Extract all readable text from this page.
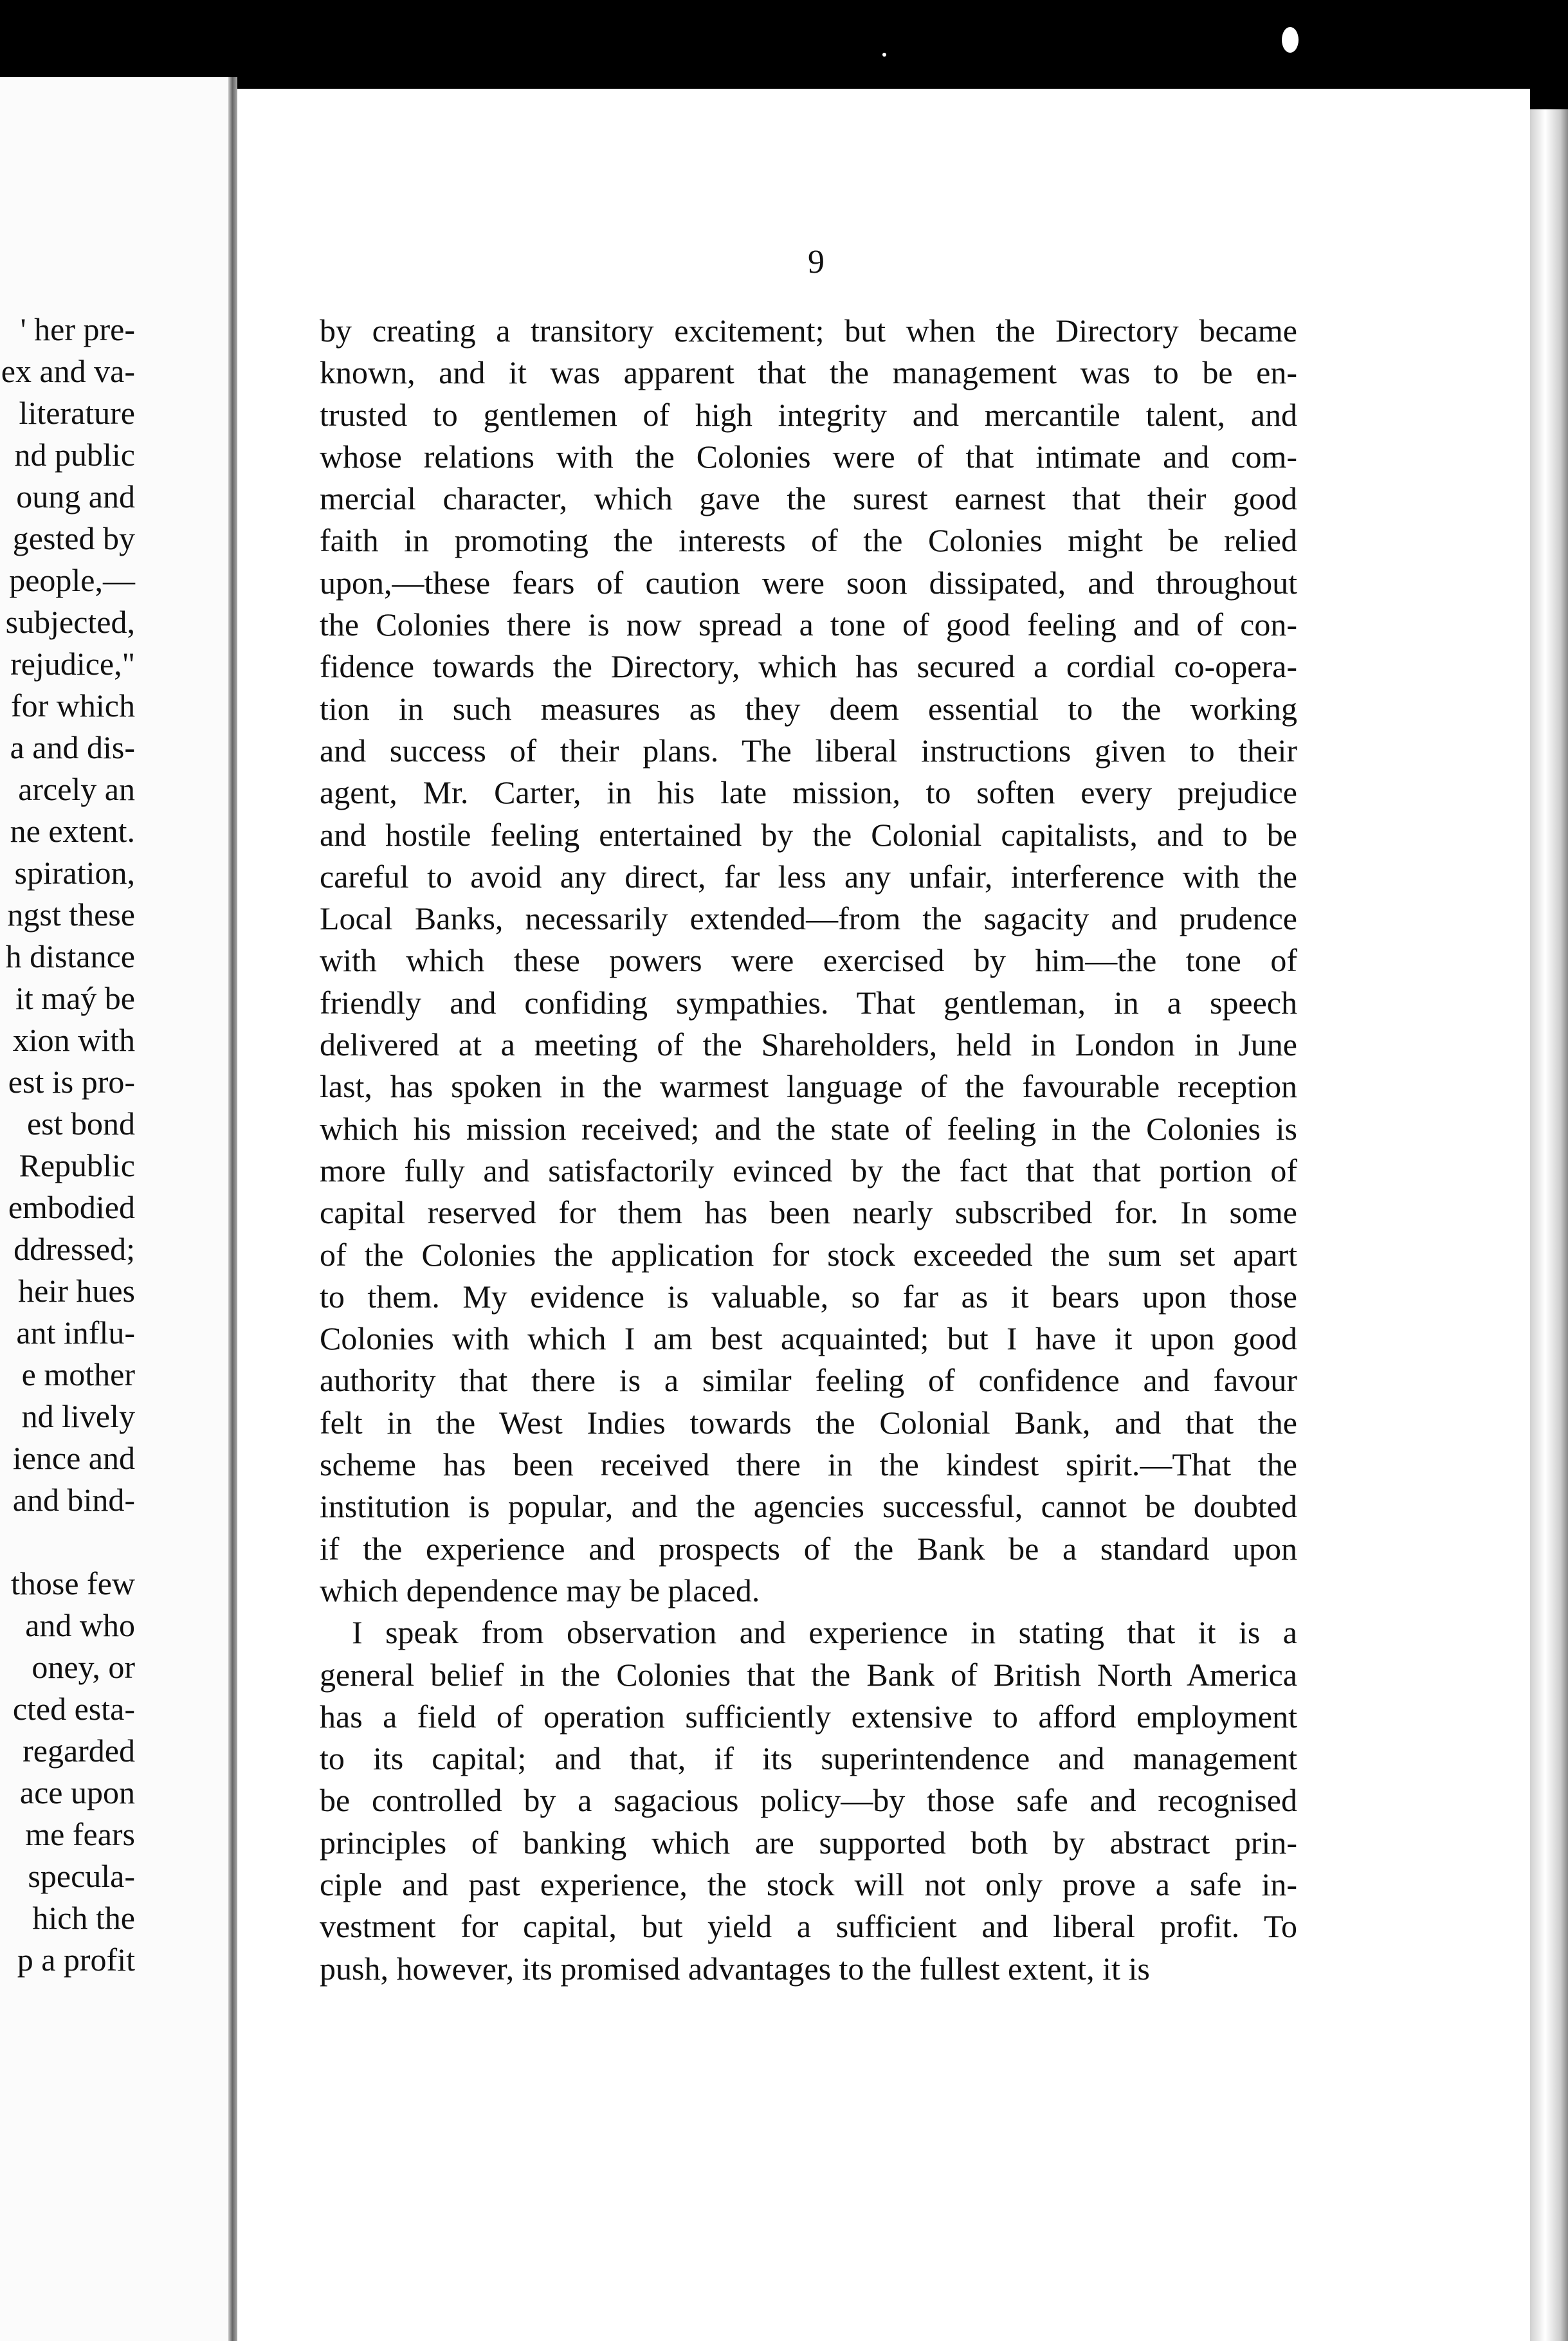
' her pre-
ex and va-
literature
nd public
oung and
gested by
people,—
subjected,
rejudice,"
for which
a and dis-
arcely an
ne extent.
spiration,
ngst these
h distance
it maý be
xion with
est is pro-
est bond
Republic
embodied
ddressed;
heir hues
ant influ-
e mother
nd lively
ience and
and bind-
those few
and who
oney, or
cted esta-
regarded
ace upon
me fears
specula-
hich the
p a profit
9
by creating a transitory excitement; but when the Directory became
known, and it was apparent that the management was to be en-
trusted to gentlemen of high integrity and mercantile talent, and
whose relations with the Colonies were of that intimate and com-
mercial character, which gave the surest earnest that their good
faith in promoting the interests of the Colonies might be relied
upon,—these fears of caution were soon dissipated, and throughout
the Colonies there is now spread a tone of good feeling and of con-
fidence towards the Directory, which has secured a cordial co-opera-
tion in such measures as they deem essential to the working
and success of their plans. The liberal instructions given to their
agent, Mr. Carter, in his late mission, to soften every prejudice
and hostile feeling entertained by the Colonial capitalists, and to be
careful to avoid any direct, far less any unfair, interference with the
Local Banks, necessarily extended—from the sagacity and prudence
with which these powers were exercised by him—the tone of
friendly and confiding sympathies. That gentleman, in a speech
delivered at a meeting of the Shareholders, held in London in June
last, has spoken in the warmest language of the favourable reception
which his mission received; and the state of feeling in the Colonies is
more fully and satisfactorily evinced by the fact that that portion of
capital reserved for them has been nearly subscribed for. In some
of the Colonies the application for stock exceeded the sum set apart
to them. My evidence is valuable, so far as it bears upon those
Colonies with which I am best acquainted; but I have it upon good
authority that there is a similar feeling of confidence and favour
felt in the West Indies towards the Colonial Bank, and that the
scheme has been received there in the kindest spirit.—That the
institution is popular, and the agencies successful, cannot be doubted
if the experience and prospects of the Bank be a standard upon
which dependence may be placed.
I speak from observation and experience in stating that it is a
general belief in the Colonies that the Bank of British North America
has a field of operation sufficiently extensive to afford employment
to its capital; and that, if its superintendence and management
be controlled by a sagacious policy—by those safe and recognised
principles of banking which are supported both by abstract prin-
ciple and past experience, the stock will not only prove a safe in-
vestment for capital, but yield a sufficient and liberal profit. To
push, however, its promised advantages to the fullest extent, it is
